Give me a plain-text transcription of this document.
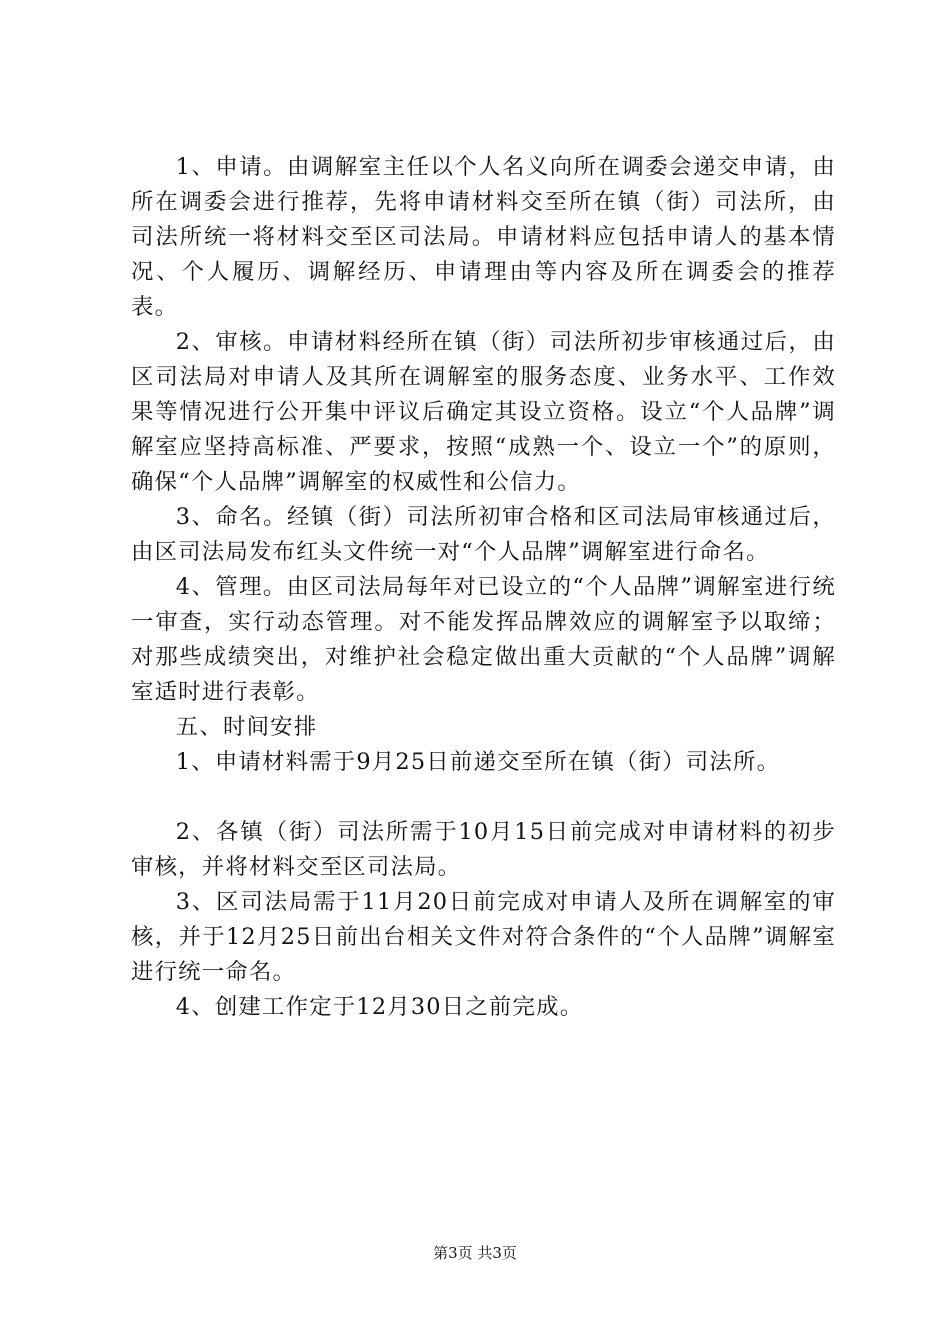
1、申请。由调解室主任以个人名义向所在调委会递交申请，由所在调委会进行推荐，先将申请材料交至所在镇（街）司法所，由司法所统一将材料交至区司法局。申请材料应包括申请人的基本情况、个人履历、调解经历、申请理由等内容及所在调委会的推荐表。

2、审核。申请材料经所在镇（街）司法所初步审核通过后，由区司法局对申请人及其所在调解室的服务态度、业务水平、工作效果等情况进行公开集中评议后确定其设立资格。设立“个人品牌”调解室应坚持高标准、严要求，按照“成熟一个、设立一个”的原则，确保“个人品牌”调解室的权威性和公信力。

3、命名。经镇（街）司法所初审合格和区司法局审核通过后，由区司法局发布红头文件统一对“个人品牌”调解室进行命名。

4、管理。由区司法局每年对已设立的“个人品牌”调解室进行统一审查，实行动态管理。对不能发挥品牌效应的调解室予以取缔；对那些成绩突出，对维护社会稳定做出重大贡献的“个人品牌”调解室适时进行表彰。

五、时间安排

1、申请材料需于9月25日前递交至所在镇（街）司法所。

2、各镇（街）司法所需于10月15日前完成对申请材料的初步审核，并将材料交至区司法局。

3、区司法局需于11月20日前完成对申请人及所在调解室的审核，并于12月25日前出台相关文件对符合条件的“个人品牌”调解室进行统一命名。

4、创建工作定于12月30日之前完成。

第3页 共3页
